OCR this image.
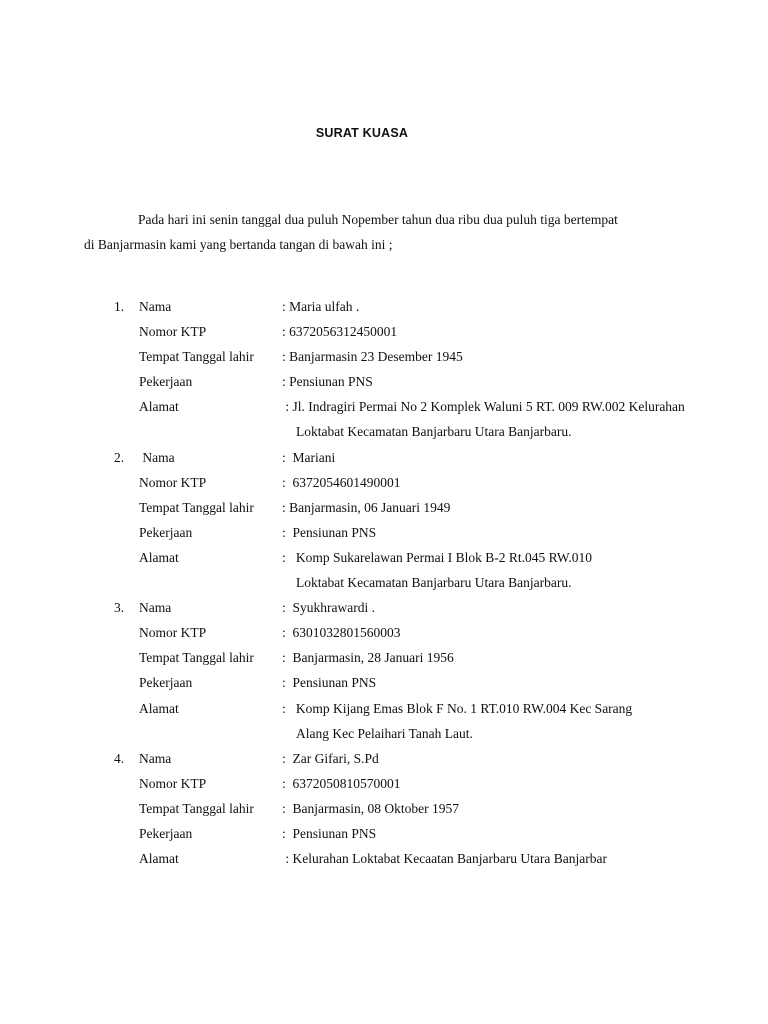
SURAT KUASA
Pada hari ini senin tanggal dua puluh Nopember tahun dua ribu dua puluh tiga bertempat
di Banjarmasin kami yang bertanda tangan di bawah ini ;
1. Nama	: Maria ulfah .
Nomor KTP	: 6372056312450001
Tempat Tanggal lahir : Banjarmasin 23 Desember 1945
Pekerjaan	: Pensiunan PNS
Alamat	: Jl. Indragiri Permai No 2 Komplek Waluni 5 RT. 009 RW.002 Kelurahan
Loktabat Kecamatan Banjarbaru Utara Banjarbaru.
2. Nama	:  Mariani
Nomor KTP	:  6372054601490001
Tempat Tanggal lahir : Banjarmasin, 06 Januari 1949
Pekerjaan	:  Pensiunan PNS
Alamat	:   Komp Sukarelawan Permai I Blok B-2 Rt.045 RW.010
Loktabat Kecamatan Banjarbaru Utara Banjarbaru.
3. Nama	:  Syukhrawardi .
Nomor KTP	:  6301032801560003
Tempat Tanggal lahir :  Banjarmasin, 28 Januari 1956
Pekerjaan	:  Pensiunan PNS
Alamat	:   Komp Kijang Emas Blok F No. 1 RT.010 RW.004 Kec Sarang
Alang Kec Pelaihari Tanah Laut.
4. Nama	:  Zar Gifari, S.Pd
Nomor KTP	:  6372050810570001
Tempat Tanggal lahir :  Banjarmasin, 08 Oktober 1957
Pekerjaan	:  Pensiunan PNS
Alamat	: Kelurahan Loktabat Kecaatan Banjarbaru Utara Banjarbar
